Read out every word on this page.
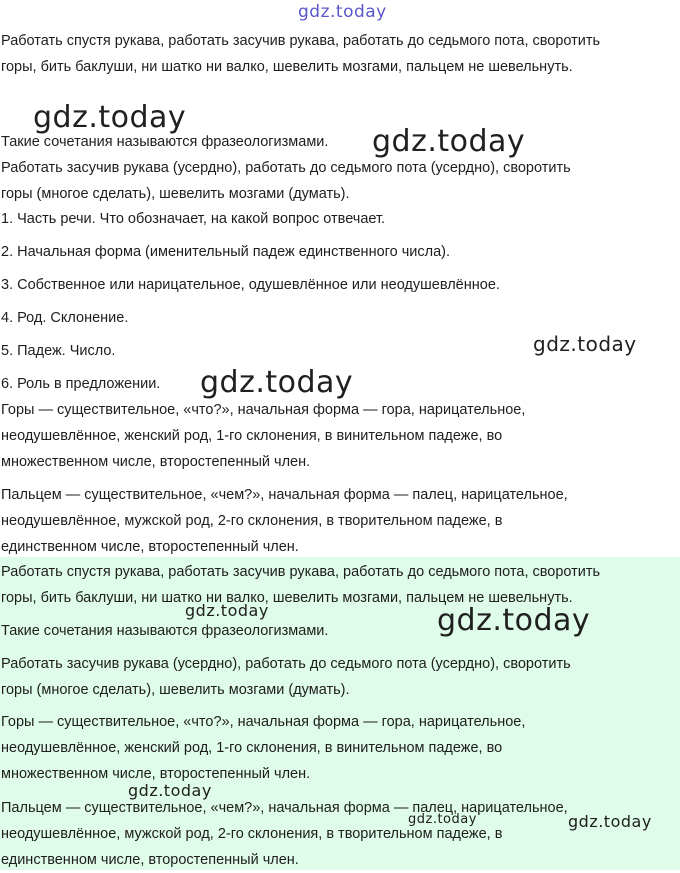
Работать спустя рукава, работать засучив рукава, работать до седьмого пота, своротить
горы, бить баклуши, ни шатко ни валко, шевелить мозгами, пальцем не шевельнуть.

Такие сочетания называются фразеологизмами.

Работать засучив рукава (усердно), работать до седьмого пота (усердно), своротить
горы (многое сделать), шевелить мозгами (думать).

1. Часть речи. Что обозначает, на какой вопрос отвечает.

2. Начальная форма (именительный падеж единственного числа).

3. Собственное или нарицательное, одушевлённое или неодушевлённое.

4. Род. Склонение.

5. Падеж. Число.

6. Роль в предложении.

Горы — существительное, «что?», начальная форма — гора, нарицательное,
неодушевлённое, женский род, 1-го склонения, в винительном падеже, во
множественном числе, второстепенный член.

Пальцем — существительное, «чем?», начальная форма — палец, нарицательное,
неодушевлённое, мужской род, 2-го склонения, в творительном падеже, в
единственном числе, второстепенный член.

Работать спустя рукава, работать засучив рукава, работать до седьмого пота, своротить
горы, бить баклуши, ни шатко ни валко, шевелить мозгами, пальцем не шевельнуть.

Такие сочетания называются фразеологизмами.

Работать засучив рукава (усердно), работать до седьмого пота (усердно), своротить
горы (многое сделать), шевелить мозгами (думать).

Горы — существительное, «что?», начальная форма — гора, нарицательное,
неодушевлённое, женский род, 1-го склонения, в винительном падеже, во
множественном числе, второстепенный член.

Пальцем — существительное, «чем?», начальная форма — палец, нарицательное,
неодушевлённое, мужской род, 2-го склонения, в творительном падеже, в
единственном числе, второстепенный член.

gdz.today
gdz.today
gdz.today
gdz.today
gdz.today
gdz.today	gdz.today
gdz.today
gdz.today	gdz.today
